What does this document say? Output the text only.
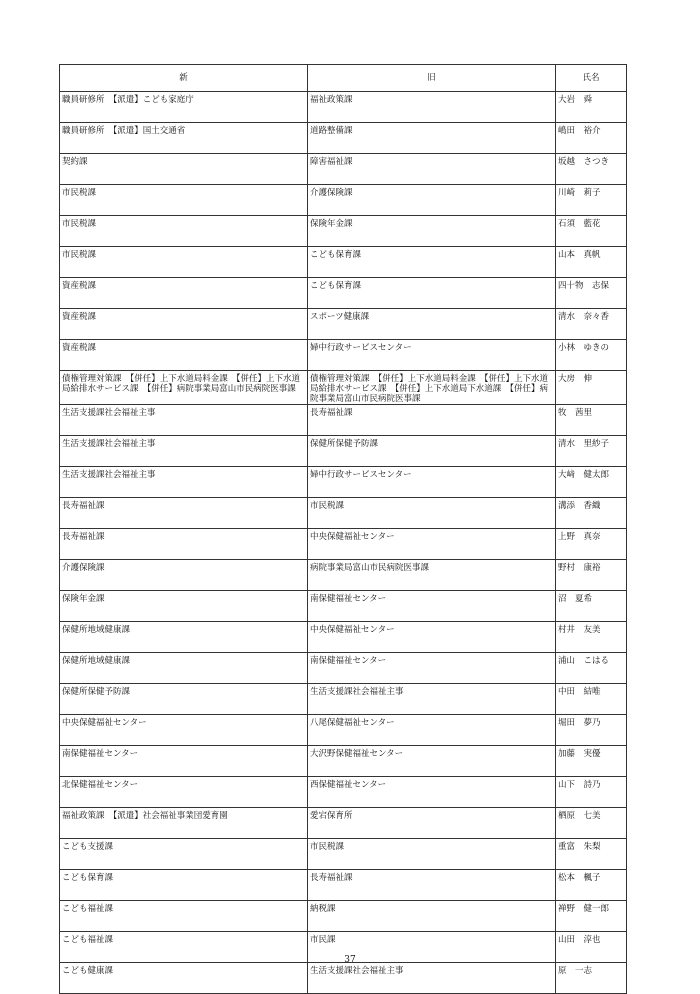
新	旧	氏名
職員研修所　【派遣】こども家庭庁	福祉政策課	大岩　舜
職員研修所　【派遣】国土交通省	道路整備課	嶋田　裕介
契約課	障害福祉課	坂越　さつき
市民税課	介護保険課	川崎　莉子
市民税課	保険年金課	石須　藍花
市民税課	こども保育課	山本　真帆
資産税課	こども保育課	四十物　志保
資産税課	スポーツ健康課	清水　奈々香
資産税課	婦中行政サービスセンター	小林　ゆきの
債権管理対策課　【併任】上下水道局料金課　【併任】上下水道局給排水サービス課　【併任】病院事業局富山市民病院医事課	債権管理対策課　【併任】上下水道局料金課　【併任】上下水道局給排水サービス課　【併任】上下水道局下水道課　【併任】病院事業局富山市民病院医事課	大房　伸
生活支援課社会福祉主事	長寿福祉課	牧　茜里
生活支援課社会福祉主事	保健所保健予防課	清水　里紗子
生活支援課社会福祉主事	婦中行政サービスセンター	大﨑　健太郎
長寿福祉課	市民税課	溝添　香織
長寿福祉課	中央保健福祉センター	上野　真奈
介護保険課	病院事業局富山市民病院医事課	野村　康裕
保険年金課	南保健福祉センター	沼　夏希
保健所地域健康課	中央保健福祉センター	村井　友美
保健所地域健康課	南保健福祉センター	浦山　こはる
保健所保健予防課	生活支援課社会福祉主事	中田　結唯
中央保健福祉センター	八尾保健福祉センター	堀田　夢乃
南保健福祉センター	大沢野保健福祉センター	加藤　実優
北保健福祉センター	西保健福祉センター	山下　詩乃
福祉政策課　【派遣】社会福祉事業団愛育園	愛宕保育所	栖原　七美
こども支援課	市民税課	重富　朱梨
こども保育課	長寿福祉課	松本　楓子
こども福祉課	納税課	禅野　健一郎
こども福祉課	市民課	山田　淳也
こども健康課	生活支援課社会福祉主事	原　一志
37
